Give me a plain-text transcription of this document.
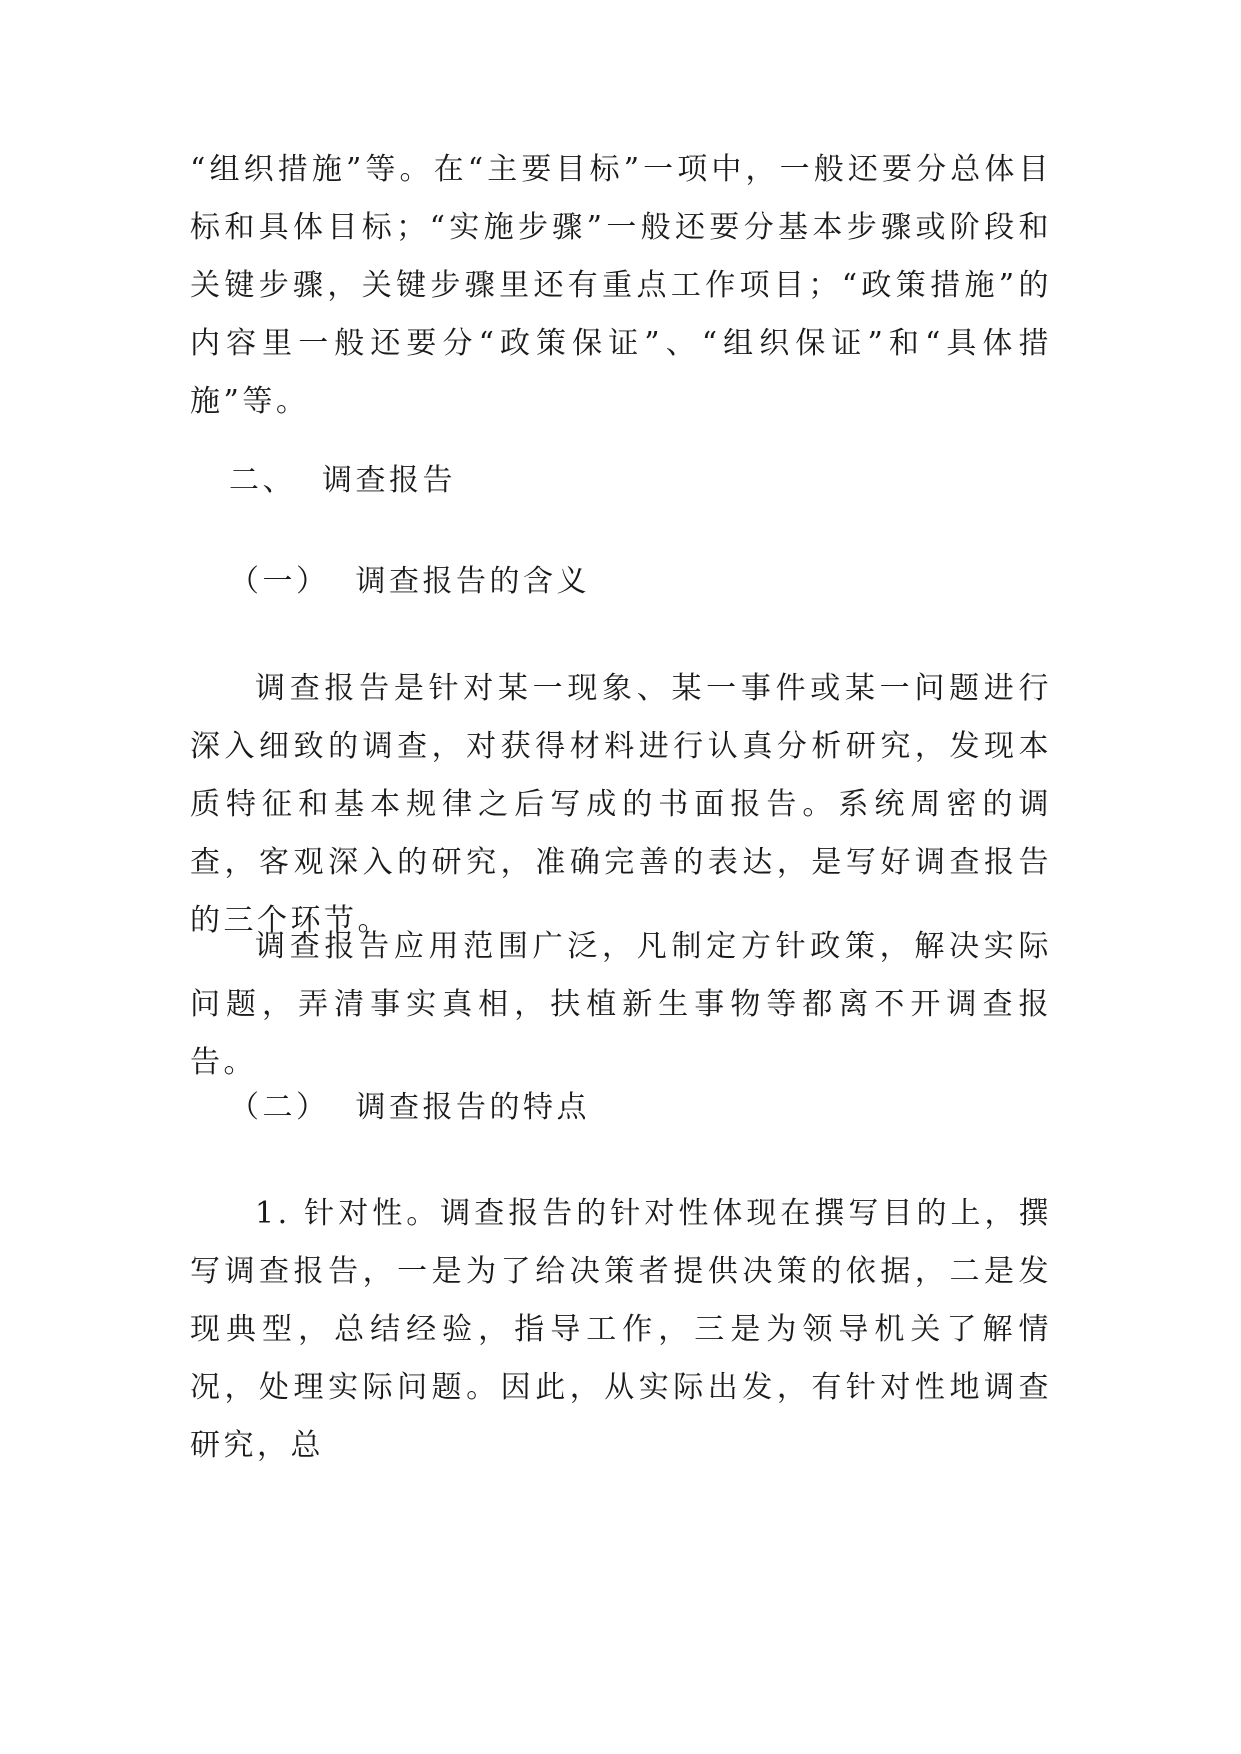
“组织措施”等。在“主要目标”一项中，一般还要分总体目标和具体目标；“实施步骤”一般还要分基本步骤或阶段和关键步骤，关键步骤里还有重点工作项目；“政策措施”的内容里一般还要分“政策保证”、“组织保证”和“具体措施”等。

二、 调查报告
（一） 调查报告的含义

调查报告是针对某一现象、某一事件或某一问题进行深入细致的调查，对获得材料进行认真分析研究，发现本质特征和基本规律之后写成的书面报告。系统周密的调查，客观深入的研究，准确完善的表达，是写好调查报告的三个环节。

调查报告应用范围广泛，凡制定方针政策，解决实际问题，弄清事实真相，扶植新生事物等都离不开调查报告。

（二） 调查报告的特点

1. 针对性。调查报告的针对性体现在撰写目的上，撰写调查报告，一是为了给决策者提供决策的依据，二是发现典型，总结经验，指导工作，三是为领导机关了解情况，处理实际问题。因此，从实际出发，有针对性地调查研究，总
